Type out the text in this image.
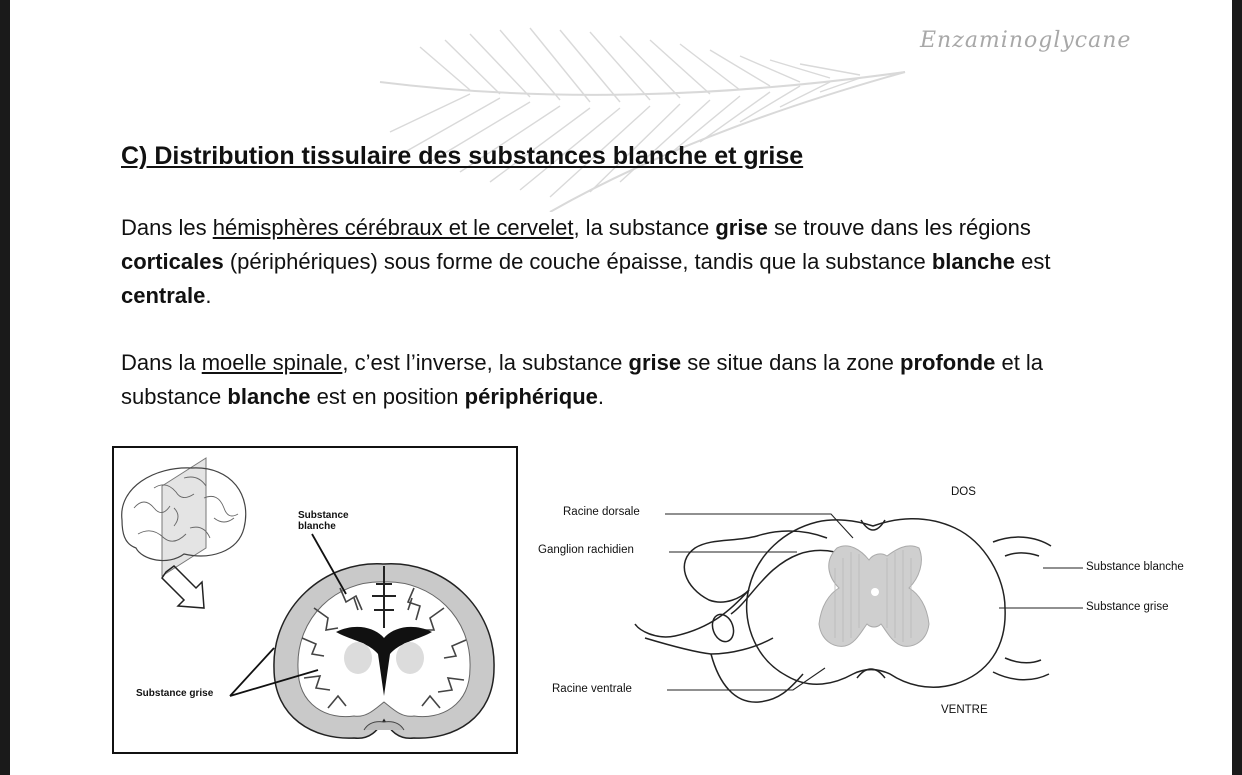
Enzaminoglycane
C) Distribution tissulaire des substances blanche et grise

Dans les hémisphères cérébraux et le cervelet, la substance grise se trouve dans les régions corticales (périphériques) sous forme de couche épaisse, tandis que la substance blanche est centrale.

Dans la moelle spinale, c’est l’inverse, la substance grise se situe dans la zone profonde et la substance blanche est en position périphérique.

Substance
blanche
Substance grise
DOS
VENTRE
Racine dorsale
Ganglion rachidien
Racine ventrale
Substance blanche
Substance grise
